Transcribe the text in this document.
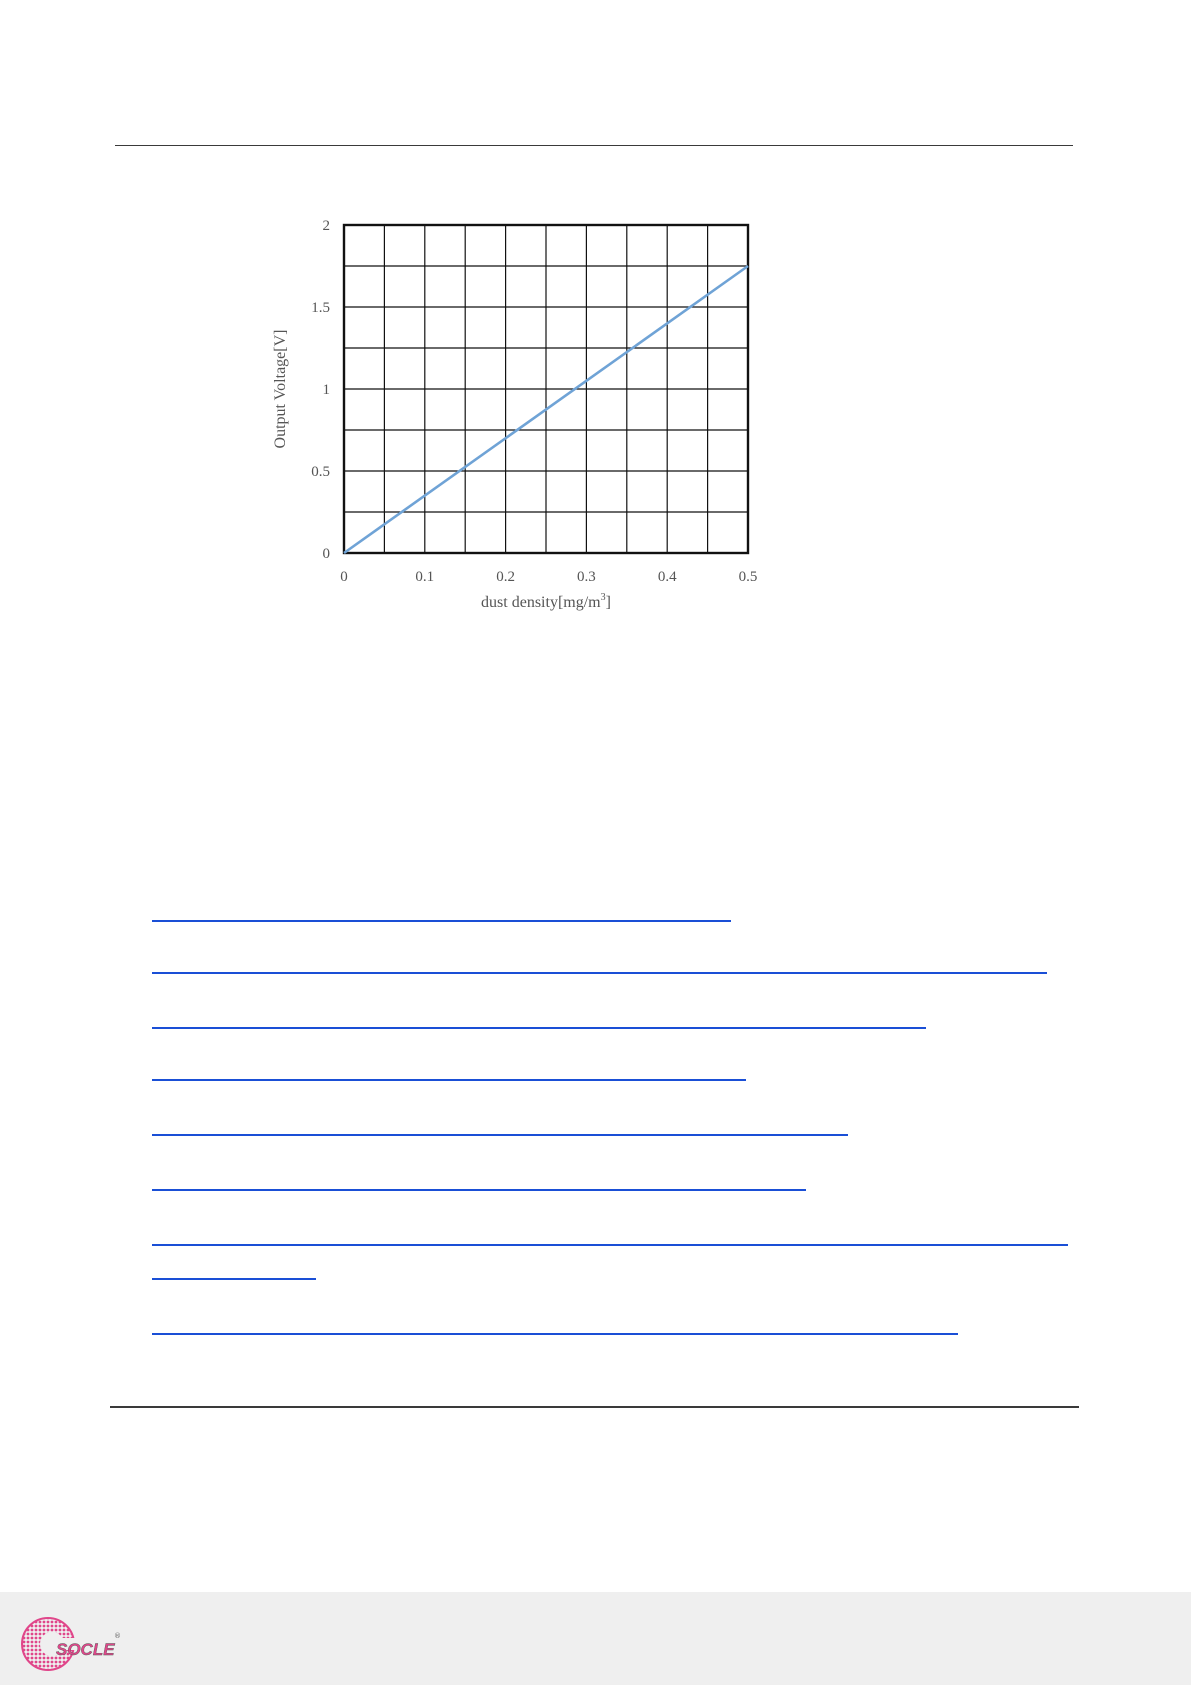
0	0.1	0.2	0.3	0.4	0.5
0
0.5
1
1.5
2
dust $density[mg/m^3]$
Output Voltage[V]
SOCLE
®
